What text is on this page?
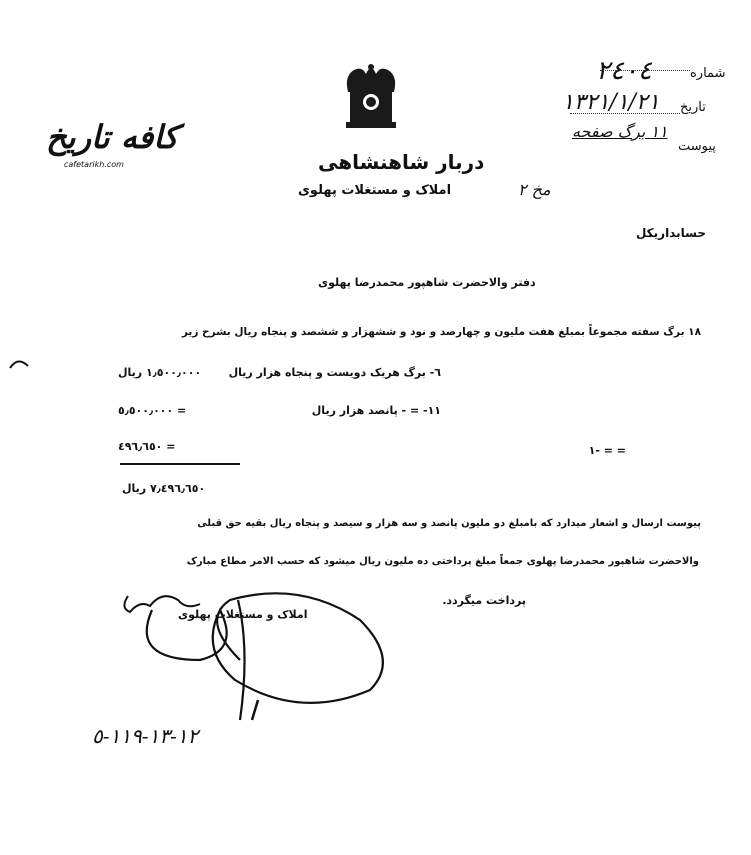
دربار شاهنشاهی
املاک و مستغلات پهلوی
کافه تاریخ
cafetarikh.com
٢٤٠٤	شماره
١٣٢١/١/٢١ تاریخ
١١ برگ صفحه
پیوست
مخ ٢
حسابداریکل
دفتر والاحضرت شاهپور محمدرضا پهلوی
١٨ برگ سفته مجموعاً بمبلغ هفت ملیون و چهارصد و نود و ششهزار و ششصد و پنجاه ریال بشرح زیر
٦- برگ هریک دویست و پنجاه هزار ریال
١١- = - پانصد هزار ریال
١- = =
١٫٥٠٠٫٠٠٠ ریال
٥٫٥٠٠٫٠٠٠ =
٤٩٦٫٦٥٠ =
٧٫٤٩٦٫٦٥٠ ریال
پیوست ارسال و اشعار میدارد که بامبلغ دو ملیون پانصد و سه هزار و سیصد و پنجاه ریال بقیه حق قبلی
والاحضرت شاهپور محمدرضا پهلوی جمعاً مبلغ پرداختی ده ملیون ریال میشود که حسب الامر مطاع مبارک
پرداخت میگردد.
املاک و مستغلات پهلوی
١٢-١٣-١١٩-٥
